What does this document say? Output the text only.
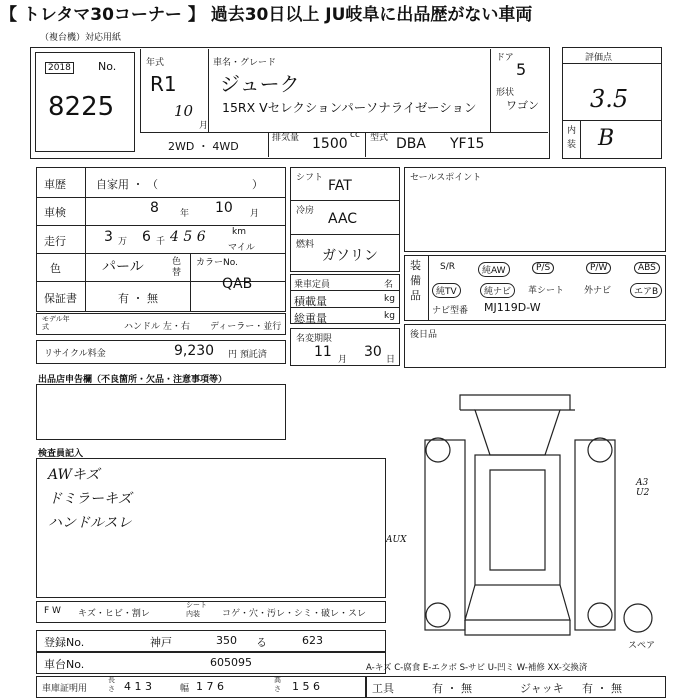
【 トレタマ30コーナー 】 過去30日以上 JU岐阜に出品歴がない車両
（複台機）対応用紙
2018 No.
8225
年式
R1
10
月
車名・グレード
ジューク
15RX Vセレクションパーソナライゼーション
ドア
5
形状
ワゴン
2WD ・ 4WD
排気量 1500
cc 型式 DBA YF15
評価点
3.5
内装 B
車歴	自家用 ・ （	）
車検	8 年 10 月
走行	3 万 6 千 4 5 6	km
マイル
色	パール	色替
カラーNo.
QAB
保証書	有 ・ 無
モデル年式	ハンドル 左・右 ディーラー・並行
リサイクル料金	9,230 円 預託済
シフト FAT
冷房 AAC
燃料
ガソリン
乗車定員	名
積載量	kg
総重量	kg
名変期限
11 月 30 日
セールスポイント
装備品
S/R	純AW	P/S	P/W	ABS
純TV	純ナビ	革シート 外ナビ	エアB
ナビ型番 MJ119D-W
後日品
出品店申告欄（不良箇所・欠品・注意事項等）
検査員記入
AWキズ
ドミラーキズ
ハンドルスレ
AUX
A3 U2
スペア
F W キズ・ヒビ・割レ
シート内装	コゲ・穴・汚レ・シミ・破レ・スレ
登録No.	神戸	350 る	623
車台No.	605095	A-キズ C-腐食 E-エクボ S-サビ U-凹ミ W-補修 XX-交換済
車庫証明用
長さ 4 1 3	幅 1 7 6	高さ 1 5 6	工具	有 ・ 無	ジャッキ 有 ・ 無
